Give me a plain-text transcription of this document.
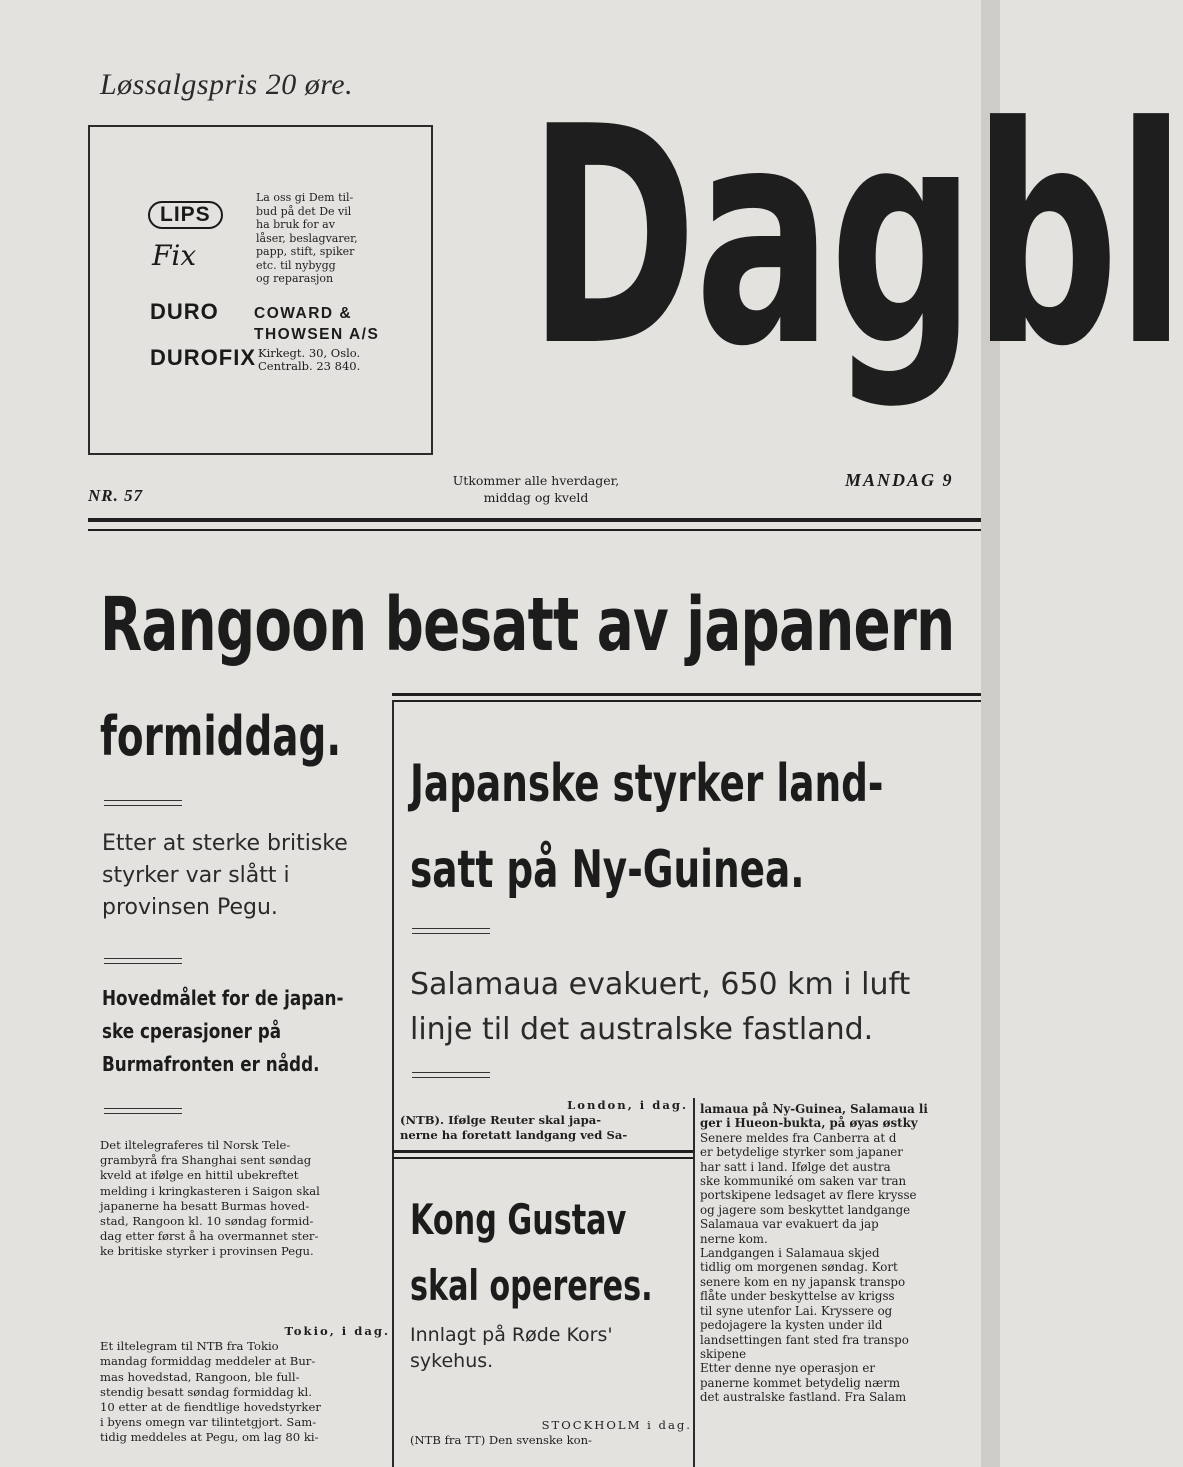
Løssalgspris 20 øre.
LIPS
Fix
DURO
DUROFIX
La oss gi Dem til-
bud på det De vil
ha bruk for av
låser, beslagvarer,
papp, stift, spiker
etc. til nybygg
og reparasjon
COWARD &
THOWSEN A/S
Kirkegt. 30, Oslo.
Centralb. 23 840. Dagbl
NR. 57
Utkommer alle hverdager,
middag og kveld
MANDAG 9
Rangoon besatt av japanern
formiddag.
Etter at sterke britiske styrker var slått i provinsen Pegu.
Hovedmålet for de japan-
ske cperasjoner på
Burmafronten er nådd.
Det iltelegraferes til Norsk Tele-
grambyrå fra Shanghai sent søndag
kveld at ifølge en hittil ubekreftet
melding i kringkasteren i Saigon skal
japanerne ha besatt Burmas hoved-
stad, Rangoon kl. 10 søndag formid-
dag etter først å ha overmannet ster-
ke britiske styrker i provinsen Pegu.
Tokio, i dag.
Et iltelegram til NTB fra Tokio
mandag formiddag meddeler at Bur-
mas hovedstad, Rangoon, ble full-
stendig besatt søndag formiddag kl.
10 etter at de fiendtlige hovedstyrker
i byens omegn var tilintetgjort. Sam-
tidig meddeles at Pegu, om lag 80 ki-
Japanske styrker land-
satt på Ny-Guinea.
Salamaua evakuert, 650 km i luft
linje til det australske fastland.
London, i dag.
(NTB). Ifølge Reuter skal japa-
nerne ha foretatt landgang ved Sa-
Kong Gustav
skal opereres.
Innlagt på Røde Kors'
sykehus.
STOCKHOLM i dag.
(NTB fra TT) Den svenske kon-
lamaua på Ny-Guinea, Salamaua li
ger i Hueon-bukta, på øyas østky
Senere meldes fra Canberra at d
er betydelige styrker som japaner
har satt i land. Ifølge det austra
ske kommuniké om saken var tran
portskipene ledsaget av flere krysse
og jagere som beskyttet landgange
Salamaua var evakuert da jap
nerne kom.
Landgangen i Salamaua skjed
tidlig om morgenen søndag. Kort
senere kom en ny japansk transpo
flåte under beskyttelse av krigss
til syne utenfor Lai. Kryssere og
pedojagere la kysten under ild
landsettingen fant sted fra transpo
skipene
Etter denne nye operasjon er
panerne kommet betydelig nærm
det australske fastland. Fra Salam
